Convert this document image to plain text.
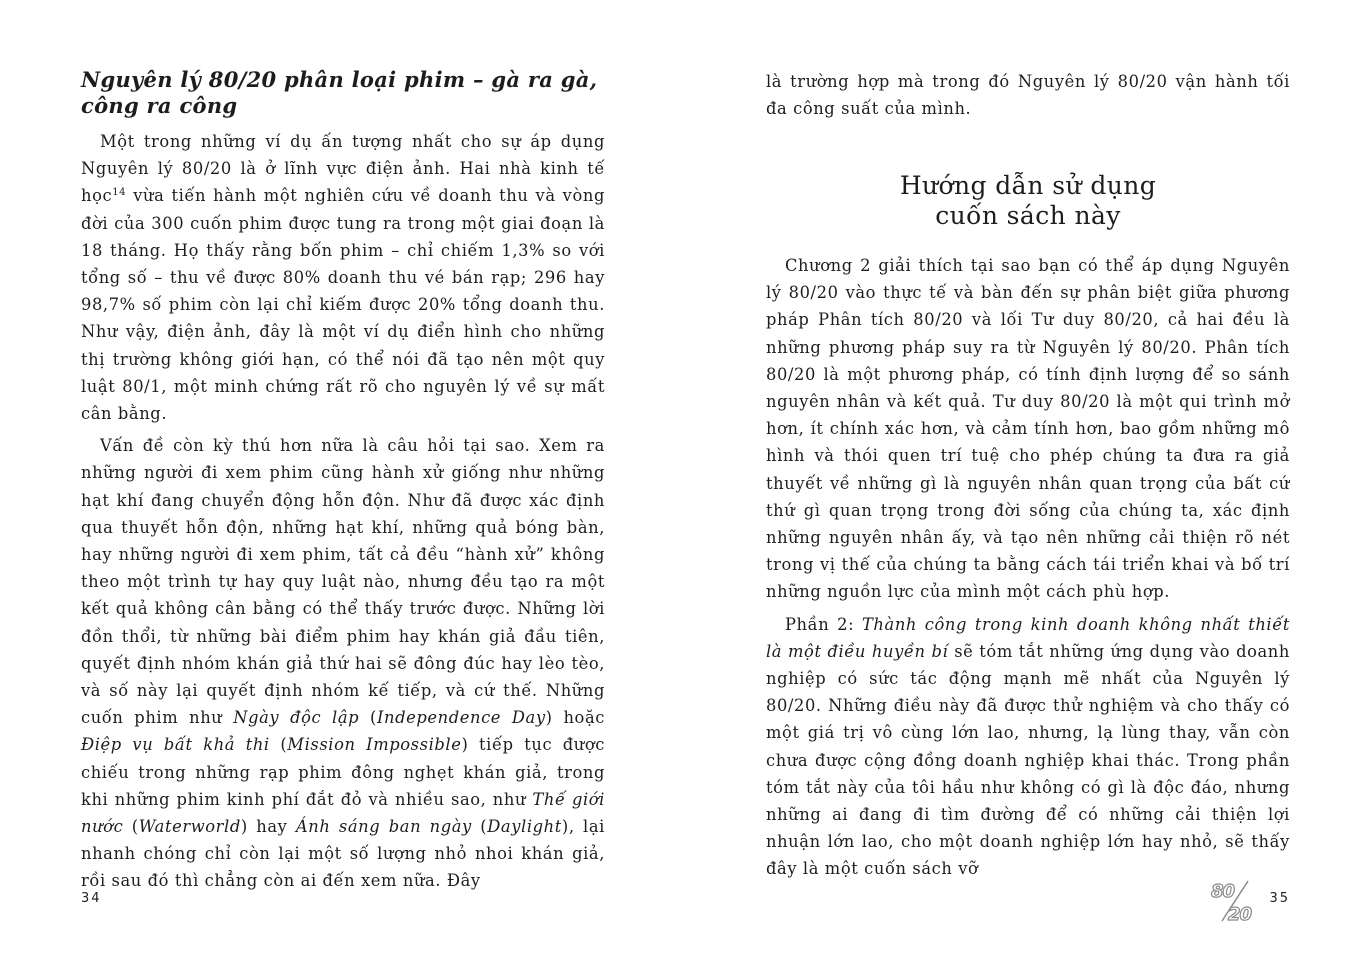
Nguyên lý 80/20 phân loại phim – gà ra gà, công ra công

Một trong những ví dụ ấn tượng nhất cho sự áp dụng Nguyên lý 80/20 là ở lĩnh vực điện ảnh. Hai nhà kinh tế học$^{14}$ vừa tiến hành một nghiên cứu về doanh thu và vòng đời của 300 cuốn phim được tung ra trong một giai đoạn là 18 tháng. Họ thấy rằng bốn phim – chỉ chiếm 1,3% so với tổng số – thu về được 80% doanh thu vé bán rạp; 296 hay 98,7% số phim còn lại chỉ kiếm được 20% tổng doanh thu. Như vậy, điện ảnh, đây là một ví dụ điển hình cho những thị trường không giới hạn, có thể nói đã tạo nên một quy luật 80/1, một minh chứng rất rõ cho nguyên lý về sự mất cân bằng.

Vấn đề còn kỳ thú hơn nữa là câu hỏi tại sao. Xem ra những người đi xem phim cũng hành xử giống như những hạt khí đang chuyển động hỗn độn. Như đã được xác định qua thuyết hỗn độn, những hạt khí, những quả bóng bàn, hay những người đi xem phim, tất cả đều “hành xử” không theo một trình tự hay quy luật nào, nhưng đều tạo ra một kết quả không cân bằng có thể thấy trước được. Những lời đồn thổi, từ những bài điểm phim hay khán giả đầu tiên, quyết định nhóm khán giả thứ hai sẽ đông đúc hay lèo tèo, và số này lại quyết định nhóm kế tiếp, và cứ thế. Những cuốn phim như Ngày độc lập (Independence Day) hoặc Điệp vụ bất khả thi (Mission Impossible) tiếp tục được chiếu trong những rạp phim đông nghẹt khán giả, trong khi những phim kinh phí đắt đỏ và nhiều sao, như Thế giới nước (Waterworld) hay Ánh sáng ban ngày (Daylight), lại nhanh chóng chỉ còn lại một số lượng nhỏ nhoi khán giả, rồi sau đó thì chẳng còn ai đến xem nữa. Đây

34

là trường hợp mà trong đó Nguyên lý 80/20 vận hành tối đa công suất của mình.

Hướng dẫn sử dụng
cuốn sách này

Chương 2 giải thích tại sao bạn có thể áp dụng Nguyên lý 80/20 vào thực tế và bàn đến sự phân biệt giữa phương pháp Phân tích 80/20 và lối Tư duy 80/20, cả hai đều là những phương pháp suy ra từ Nguyên lý 80/20. Phân tích 80/20 là một phương pháp, có tính định lượng để so sánh nguyên nhân và kết quả. Tư duy 80/20 là một qui trình mở hơn, ít chính xác hơn, và cảm tính hơn, bao gồm những mô hình và thói quen trí tuệ cho phép chúng ta đưa ra giả thuyết về những gì là nguyên nhân quan trọng của bất cứ thứ gì quan trọng trong đời sống của chúng ta, xác định những nguyên nhân ấy, và tạo nên những cải thiện rõ nét trong vị thế của chúng ta bằng cách tái triển khai và bố trí những nguồn lực của mình một cách phù hợp.

Phần 2: Thành công trong kinh doanh không nhất thiết là một điều huyền bí sẽ tóm tắt những ứng dụng vào doanh nghiệp có sức tác động mạnh mẽ nhất của Nguyên lý 80/20. Những điều này đã được thử nghiệm và cho thấy có một giá trị vô cùng lớn lao, nhưng, lạ lùng thay, vẫn còn chưa được cộng đồng doanh nghiệp khai thác. Trong phần tóm tắt này của tôi hầu như không có gì là độc đáo, nhưng những ai đang đi tìm đường để có những cải thiện lợi nhuận lớn lao, cho một doanh nghiệp lớn hay nhỏ, sẽ thấy đây là một cuốn sách vỡ

80
20
35
